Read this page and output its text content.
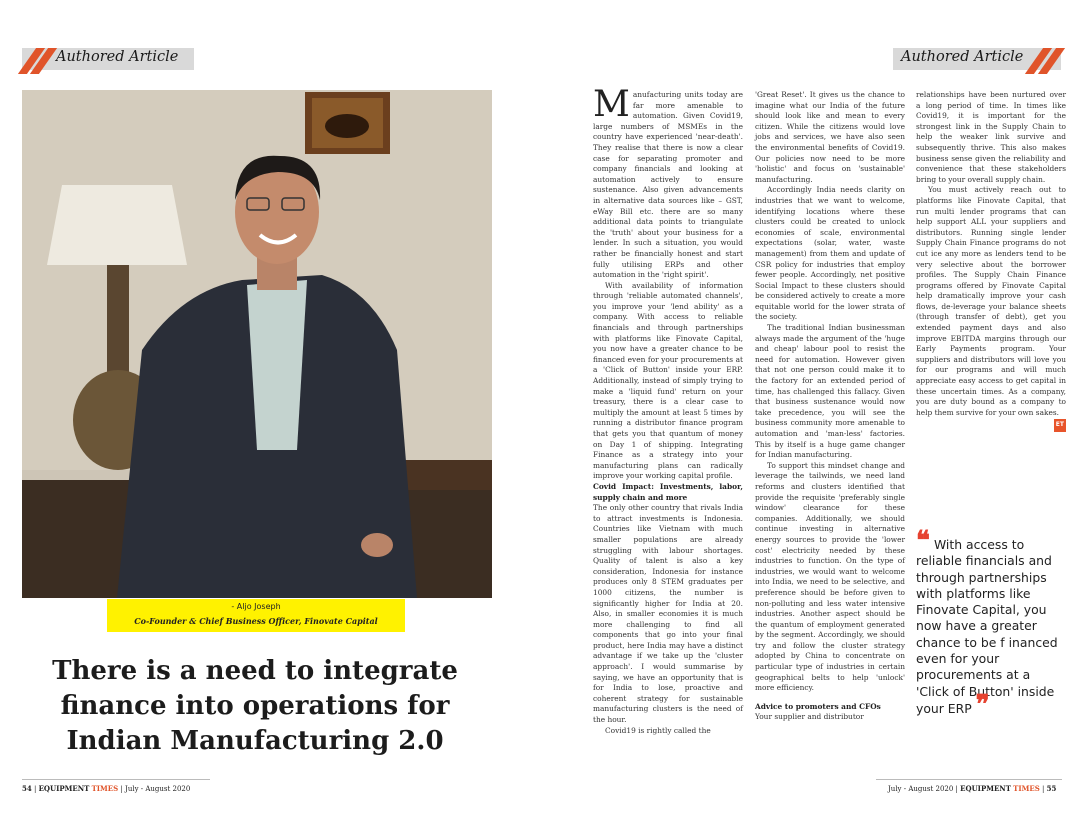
Authored Article	Authored Article
- Aljo Joseph
Co-Founder & Chief Business Officer, Finovate Capital
There is a need to integrate finance into operations for Indian Manufacturing 2.0

Manufacturing units today are far more amenable to automation. Given Covid19, large numbers of MSMEs in the country have experienced 'near-death'. They realise that there is now a clear case for separating promoter and company financials and looking at automation actively to ensure sustenance. Also given advancements in alternative data sources like – GST, eWay Bill etc. there are so many additional data points to triangulate the 'truth' about your business for a lender. In such a situation, you would rather be financially honest and start fully utilising ERPs and other automation in the 'right spirit'.

With availability of information through 'reliable automated channels', you improve your 'lend ability' as a company. With access to reliable financials and through partnerships with platforms like Finovate Capital, you now have a greater chance to be financed even for your procurements at a 'Click of Button' inside your ERP. Additionally, instead of simply trying to make a 'liquid fund' return on your treasury, there is a clear case to multiply the amount at least 5 times by running a distributor finance program that gets you that quantum of money on Day 1 of shipping. Integrating Finance as a strategy into your manufacturing plans can radically improve your working capital profile.

Covid Impact: Investments, labor, supply chain and more

The only other country that rivals India to attract investments is Indonesia. Countries like Vietnam with much smaller populations are already struggling with labour shortages. Quality of talent is also a key consideration, Indonesia for instance produces only 8 STEM graduates per 1000 citizens, the number is significantly higher for India at 20. Also, in smaller economies it is much more challenging to find all components that go into your final product, here India may have a distinct advantage if we take up the 'cluster approach'. I would summarise by saying, we have an opportunity that is for India to lose, proactive and coherent strategy for sustainable manufacturing clusters is the need of the hour.

Covid19 is rightly called the

'Great Reset'. It gives us the chance to imagine what our India of the future should look like and mean to every citizen. While the citizens would love jobs and services, we have also seen the environmental benefits of Covid19. Our policies now need to be more 'holistic' and focus on 'sustainable' manufacturing.

Accordingly India needs clarity on industries that we want to welcome, identifying locations where these clusters could be created to unlock economies of scale, environmental expectations (solar, water, waste management) from them and update of CSR policy for industries that employ fewer people. Accordingly, net positive Social Impact to these clusters should be considered actively to create a more equitable world for the lower strata of the society.

The traditional Indian businessman always made the argument of the 'huge and cheap' labour pool to resist the need for automation. However given that not one person could make it to the factory for an extended period of time, has challenged this fallacy. Given that business sustenance would now take precedence, you will see the business community more amenable to automation and 'man-less' factories. This by itself is a huge game changer for Indian manufacturing.

To support this mindset change and leverage the tailwinds, we need land reforms and clusters identified that provide the requisite 'preferably single window' clearance for these companies. Additionally, we should continue investing in alternative energy sources to provide the 'lower cost' electricity needed by these industries to function. On the type of industries, we would want to welcome into India, we need to be selective, and preference should be before given to non-polluting and less water intensive industries. Another aspect should be the quantum of employment generated by the segment. Accordingly, we should try and follow the cluster strategy adopted by China to concentrate on particular type of industries in certain geographical belts to help 'unlock' more efficiency.

Advice to promoters and CFOs

Your supplier and distributor

relationships have been nurtured over a long period of time. In times like Covid19, it is important for the strongest link in the Supply Chain to help the weaker link survive and subsequently thrive. This also makes business sense given the reliability and convenience that these stakeholders bring to your overall supply chain.

You must actively reach out to platforms like Finovate Capital, that run multi lender programs that can help support ALL your suppliers and distributors. Running single lender Supply Chain Finance programs do not cut ice any more as lenders tend to be very selective about the borrower profiles. The Supply Chain Finance programs offered by Finovate Capital help dramatically improve your cash flows, de-leverage your balance sheets (through transfer of debt), get you extended payment days and also improve EBITDA margins through our Early Payments program. Your suppliers and distributors will love you for our programs and will much appreciate easy access to get capital in these uncertain times. As a company, you are duty bound as a company to help them survive for your own sakes.

ET

❝ With access to reliable financials and through partnerships with platforms like Finovate Capital, you now have a greater chance to be f inanced even for your procurements at a 'Click of Button' inside your ERP ❞
54 | EQUIPMENT TIMES | July - August 2020	July - August 2020 | EQUIPMENT TIMES | 55
